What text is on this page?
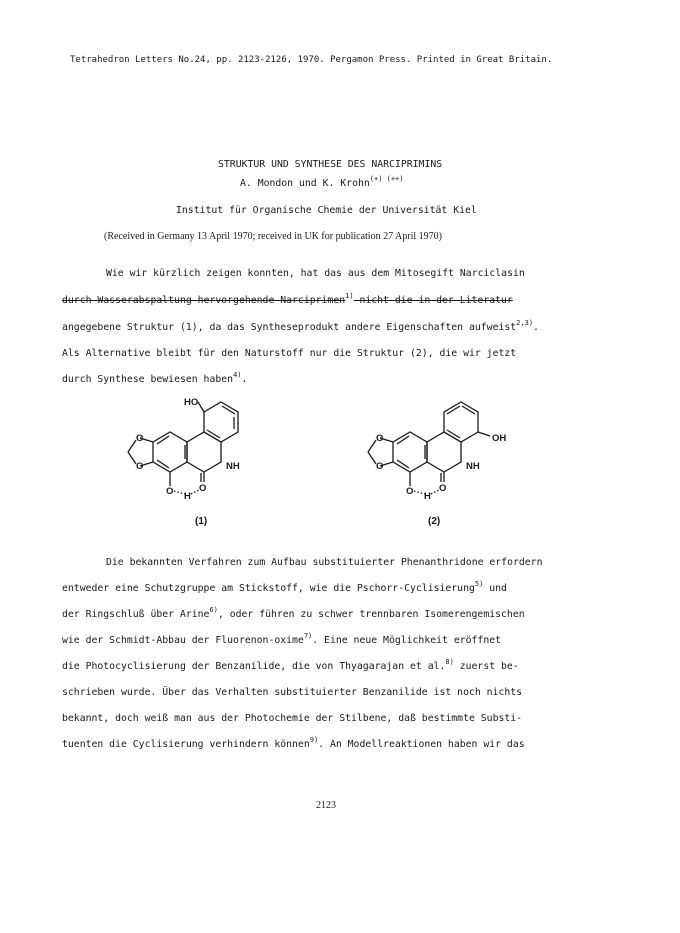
Tetrahedron Letters No.24, pp. 2123-2126, 1970. Pergamon Press. Printed in Great Britain.
STRUKTUR UND SYNTHESE DES NARCIPRIMINS
A. Mondon und K. Krohn(+) (++)
Institut für Organische Chemie der Universität Kiel
(Received in Germany 13 April 1970; received in UK for publication 27 April 1970)
Wie wir kürzlich zeigen konnten, hat das aus dem Mitosegift Narciclasin
durch Wasserabspaltung hervorgehende Narciprimen$^{1)}$ nicht die in der Literatur
angegebene Struktur (1), da das Syntheseprodukt andere Eigenschaften aufweist$^{2,3)}$.
Als Alternative bleibt für den Naturstoff nur die Struktur (2), die wir jetzt
durch Synthese bewiesen haben$^{4)}$.
HO
NH
O
O
O	O
H
OH
NH
O
O
O	O
H
(1)	(2)
Die bekannten Verfahren zum Aufbau substituierter Phenanthridone erfordern
entweder eine Schutzgruppe am Stickstoff, wie die Pschorr-Cyclisierung$^{5)}$ und
der Ringschluß über Arine$^{6)}$, oder führen zu schwer trennbaren Isomerengemischen
wie der Schmidt-Abbau der Fluorenon-oxime$^{7)}$. Eine neue Möglichkeit eröffnet
die Photocyclisierung der Benzanilide, die von Thyagarajan et al.$^{8)}$ zuerst be-
schrieben wurde. Über das Verhalten substituierter Benzanilide ist noch nichts
bekannt, doch weiß man aus der Photochemie der Stilbene, daß bestimmte Substi-
tuenten die Cyclisierung verhindern können$^{9)}$. An Modellreaktionen haben wir das
2123
